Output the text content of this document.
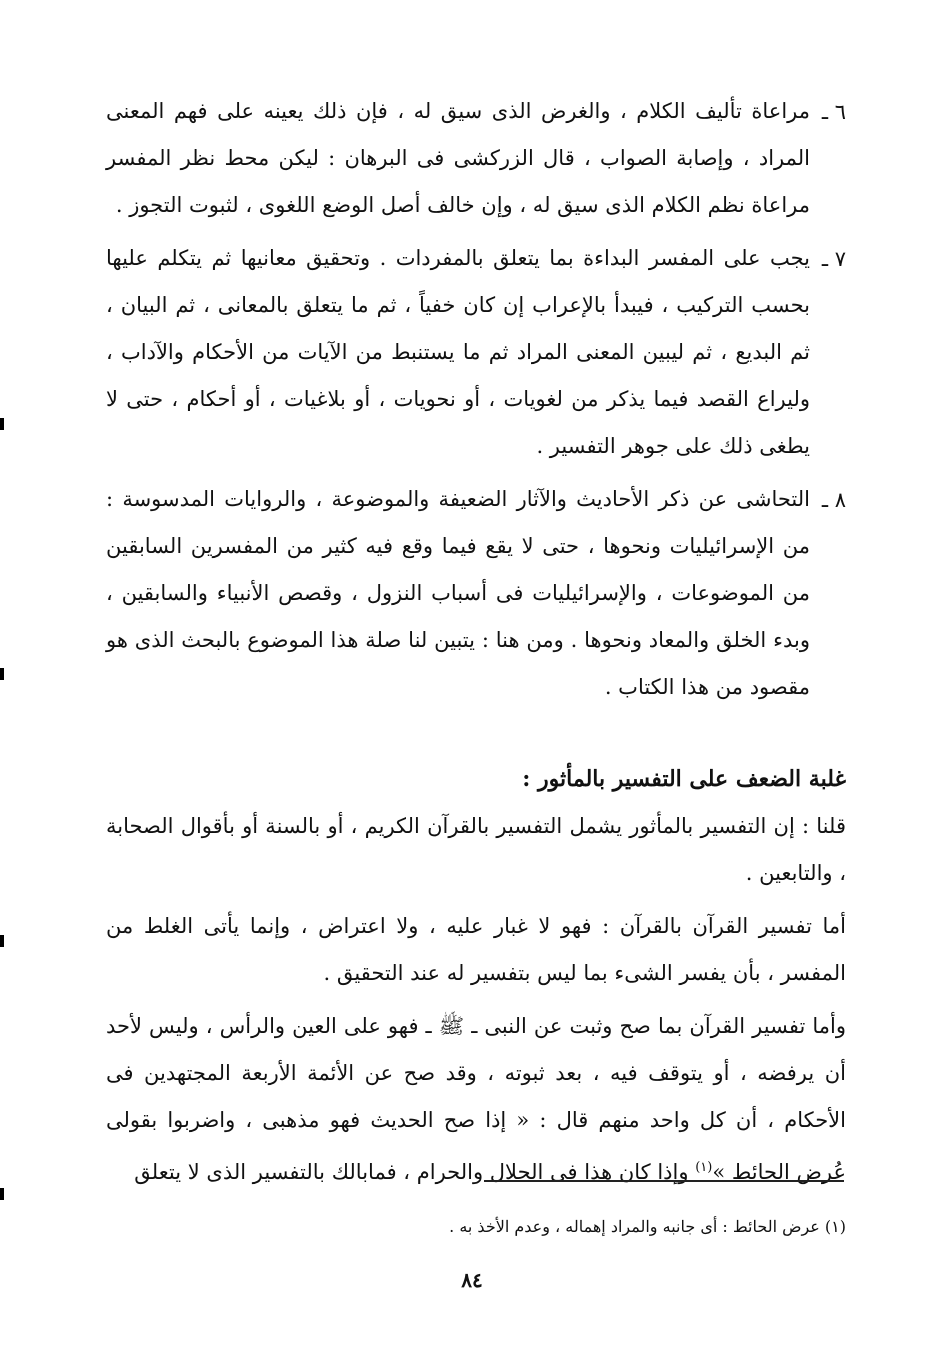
٦ ـ
مراعاة تأليف الكلام ، والغرض الذى سيق له ، فإن ذلك يعينه على فهم المعنى المراد ، وإصابة الصواب ، قال الزركشى فى البرهان : ليكن محط نظر المفسر مراعاة نظم الكلام الذى سيق له ، وإن خالف أصل الوضع اللغوى ، لثبوت التجوز .
٧ ـ
يجب على المفسر البداءة بما يتعلق بالمفردات . وتحقيق معانيها ثم يتكلم عليها بحسب التركيب ، فيبدأ بالإعراب إن كان خفياً ، ثم ما يتعلق بالمعانى ، ثم البيان ، ثم البديع ، ثم ليبين المعنى المراد ثم ما يستنبط من الآيات من الأحكام والآداب ، وليراع القصد فيما يذكر من لغويات ، أو نحويات ، أو بلاغيات ، أو أحكام ، حتى لا يطغى ذلك على جوهر التفسير .
٨ ـ
التحاشى عن ذكر الأحاديث والآثار الضعيفة والموضوعة ، والروايات المدسوسة : من الإسرائيليات ونحوها ، حتى لا يقع فيما وقع فيه كثير من المفسرين السابقين من الموضوعات ، والإسرائيليات فى أسباب النزول ، وقصص الأنبياء والسابقين ، وبدء الخلق والمعاد ونحوها . ومن هنا : يتبين لنا صلة هذا الموضوع بالبحث الذى هو مقصود من هذا الكتاب .
غلبة الضعف على التفسير بالمأثور :

قلنا : إن التفسير بالمأثور يشمل التفسير بالقرآن الكريم ، أو بالسنة أو بأقوال الصحابة ، والتابعين .

أما تفسير القرآن بالقرآن : فهو لا غبار عليه ، ولا اعتراض ، وإنما يأتى الغلط من المفسر ، بأن يفسر الشىء بما ليس بتفسير له عند التحقيق .

وأما تفسير القرآن بما صح وثبت عن النبى ـ ﷺ ـ فهو على العين والرأس ، وليس لأحد أن يرفضه ، أو يتوقف فيه ، بعد ثبوته ، وقد صح عن الأئمة الأربعة المجتهدين فى الأحكام ، أن كل واحد منهم قال : « إذا صح الحديث فهو مذهبى ، واضربوا بقولى عُرض الحائط »$^{(١)}$ وإذا كان هذا فى الحلال والحرام ، فمابالك بالتفسير الذى لا يتعلق

(١) عرض الحائط : أى جانبه والمراد إهماله ، وعدم الأخذ به .
٨٤
